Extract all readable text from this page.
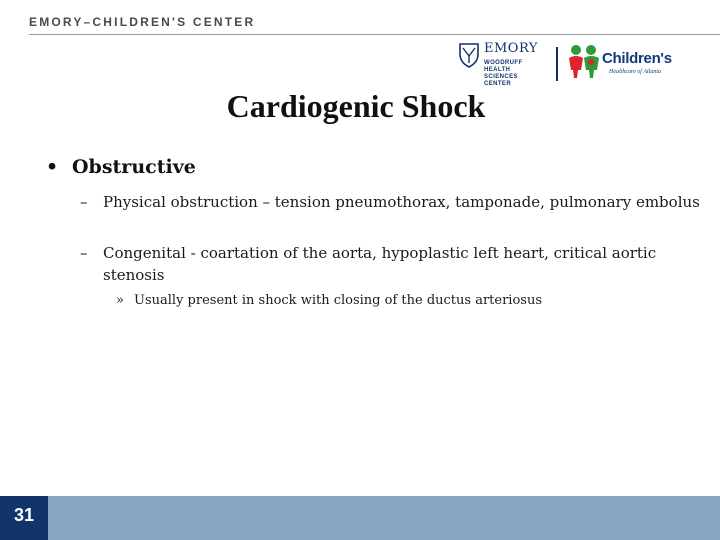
EMORY–CHILDREN'S CENTER
EMORY
WOODRUFF
HEALTH
SCIENCES
CENTER
Children's
Healthcare of Atlanta
Cardiogenic Shock
• Obstructive
– Physical obstruction – tension pneumothorax, tamponade, pulmonary embolus
– Congenital - coartation of the aorta, hypoplastic left heart, critical aortic stenosis
» Usually present in shock with closing of the ductus arteriosus
31
